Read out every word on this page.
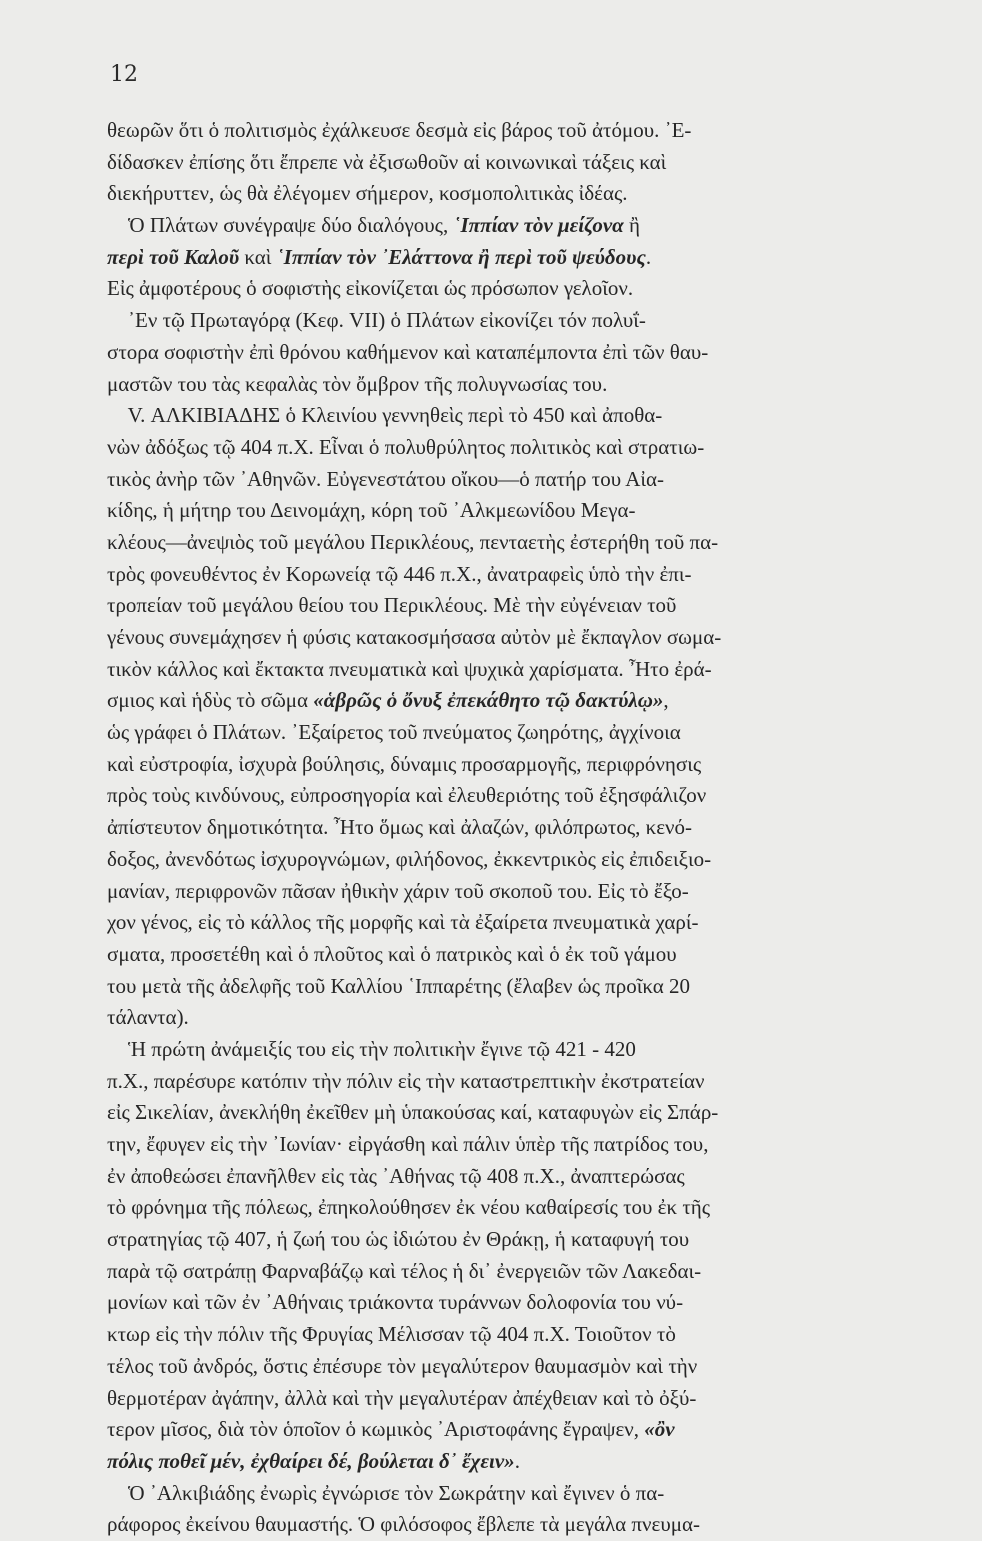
12
θεωρῶν ὅτι ὁ πολιτισμὸς ἐχάλκευσε δεσμὰ εἰς βάρος τοῦ ἀτόμου. ᾿Ε-
δίδασκεν ἐπίσης ὅτι ἔπρεπε νὰ ἐξισωθοῦν αἱ κοινωνικαὶ τάξεις καὶ
διεκήρυττεν, ὡς θὰ ἐλέγομεν σήμερον, κοσμοπολιτικὰς ἰδέας.
Ὁ Πλάτων συνέγραψε δύο διαλόγους, ῾Ιππίαν τὸν μείζονα ἢ
περὶ τοῦ Καλοῦ καὶ ῾Ιππίαν τὸν ᾿Ελάττονα ἢ περὶ τοῦ ψεύδους.
Εἰς ἀμφοτέρους ὁ σοφιστὴς εἰκονίζεται ὡς πρόσωπον γελοῖον.
᾿Εν τῷ Πρωταγόρᾳ (Κεφ. VII) ὁ Πλάτων εἰκονίζει τόν πολυΐ-
στορα σοφιστὴν ἐπὶ θρόνου καθήμενον καὶ καταπέμποντα ἐπὶ τῶν θαυ-
μαστῶν του τὰς κεφαλὰς τὸν ὄμβρον τῆς πολυγνωσίας του.
V. ΑΛΚΙΒΙΑΔΗΣ ὁ Κλεινίου γεννηθεὶς περὶ τὸ 450 καὶ ἀποθα-
νὼν ἀδόξως τῷ 404 π.Χ. Εἶναι ὁ πολυθρύλητος πολιτικὸς καὶ στρατιω-
τικὸς ἀνὴρ τῶν ᾿Αθηνῶν. Εὐγενεστάτου οἴκου—ὁ πατήρ του Αἰα-
κίδης, ἡ μήτηρ του Δεινομάχη, κόρη τοῦ ᾿Αλκμεωνίδου Μεγα-
κλέους—ἀνεψιὸς τοῦ μεγάλου Περικλέους, πενταετὴς ἐστερήθη τοῦ πα-
τρὸς φονευθέντος ἐν Κορωνείᾳ τῷ 446 π.Χ., ἀνατραφεὶς ὑπὸ τὴν ἐπι-
τροπείαν τοῦ μεγάλου θείου του Περικλέους. Μὲ τὴν εὐγένειαν τοῦ
γένους συνεμάχησεν ἡ φύσις κατακοσμήσασα αὐτὸν μὲ ἔκπαγλον σωμα-
τικὸν κάλλος καὶ ἔκτακτα πνευματικὰ καὶ ψυχικὰ χαρίσματα. Ἦτο ἐρά-
σμιος καὶ ἡδὺς τὸ σῶμα «ἁβρῶς ὁ ὄνυξ ἐπεκάθητο τῷ δακτύλῳ»,
ὡς γράφει ὁ Πλάτων. ᾿Εξαίρετος τοῦ πνεύματος ζωηρότης, ἀγχίνοια
καὶ εὐστροφία, ἰσχυρὰ βούλησις, δύναμις προσαρμογῆς, περιφρόνησις
πρὸς τοὺς κινδύνους, εὐπροσηγορία καὶ ἐλευθεριότης τοῦ ἐξησφάλιζον
ἀπίστευτον δημοτικότητα. Ἦτο ὅμως καὶ ἀλαζών, φιλόπρωτος, κενό-
δοξος, ἀνενδότως ἰσχυρογνώμων, φιλήδονος, ἐκκεντρικὸς εἰς ἐπιδειξιο-
μανίαν, περιφρονῶν πᾶσαν ἠθικὴν χάριν τοῦ σκοποῦ του. Εἰς τὸ ἔξο-
χον γένος, εἰς τὸ κάλλος τῆς μορφῆς καὶ τὰ ἐξαίρετα πνευματικὰ χαρί-
σματα, προσετέθη καὶ ὁ πλοῦτος καὶ ὁ πατρικὸς καὶ ὁ ἐκ τοῦ γάμου
του μετὰ τῆς ἀδελφῆς τοῦ Καλλίου ῾Ιππαρέτης (ἔλαβεν ὡς προῖκα 20
τάλαντα).
Ἡ πρώτη ἀνάμειξίς του εἰς τὴν πολιτικὴν ἔγινε τῷ 421 - 420
π.Χ., παρέσυρε κατόπιν τὴν πόλιν εἰς τὴν καταστρεπτικὴν ἐκστρατείαν
εἰς Σικελίαν, ἀνεκλήθη ἐκεῖθεν μὴ ὑπακούσας καί, καταφυγὼν εἰς Σπάρ-
την, ἔφυγεν εἰς τὴν ᾿Ιωνίαν· εἰργάσθη καὶ πάλιν ὑπὲρ τῆς πατρίδος του,
ἐν ἀποθεώσει ἐπανῆλθεν εἰς τὰς ᾿Αθήνας τῷ 408 π.Χ., ἀναπτερώσας
τὸ φρόνημα τῆς πόλεως, ἐπηκολούθησεν ἐκ νέου καθαίρεσίς του ἐκ τῆς
στρατηγίας τῷ 407, ἡ ζωή του ὡς ἰδιώτου ἐν Θράκῃ, ἡ καταφυγή του
παρὰ τῷ σατράπῃ Φαρναβάζῳ καὶ τέλος ἡ δι᾿ ἐνεργειῶν τῶν Λακεδαι-
μονίων καὶ τῶν ἐν ᾿Αθήναις τριάκοντα τυράννων δολοφονία του νύ-
κτωρ εἰς τὴν πόλιν τῆς Φρυγίας Μέλισσαν τῷ 404 π.Χ. Τοιοῦτον τὸ
τέλος τοῦ ἀνδρός, ὅστις ἐπέσυρε τὸν μεγαλύτερον θαυμασμὸν καὶ τὴν
θερμοτέραν ἀγάπην, ἀλλὰ καὶ τὴν μεγαλυτέραν ἀπέχθειαν καὶ τὸ ὀξύ-
τερον μῖσος, διὰ τὸν ὁποῖον ὁ κωμικὸς ᾿Αριστοφάνης ἔγραψεν, «ὂν
πόλις ποθεῖ μέν, ἐχθαίρει δέ, βούλεται δ᾿ ἔχειν».
Ὁ ᾿Αλκιβιάδης ἐνωρὶς ἐγνώρισε τὸν Σωκράτην καὶ ἔγινεν ὁ πα-
ράφορος ἐκείνου θαυμαστής. Ὁ φιλόσοφος ἔβλεπε τὰ μεγάλα πνευμα-
